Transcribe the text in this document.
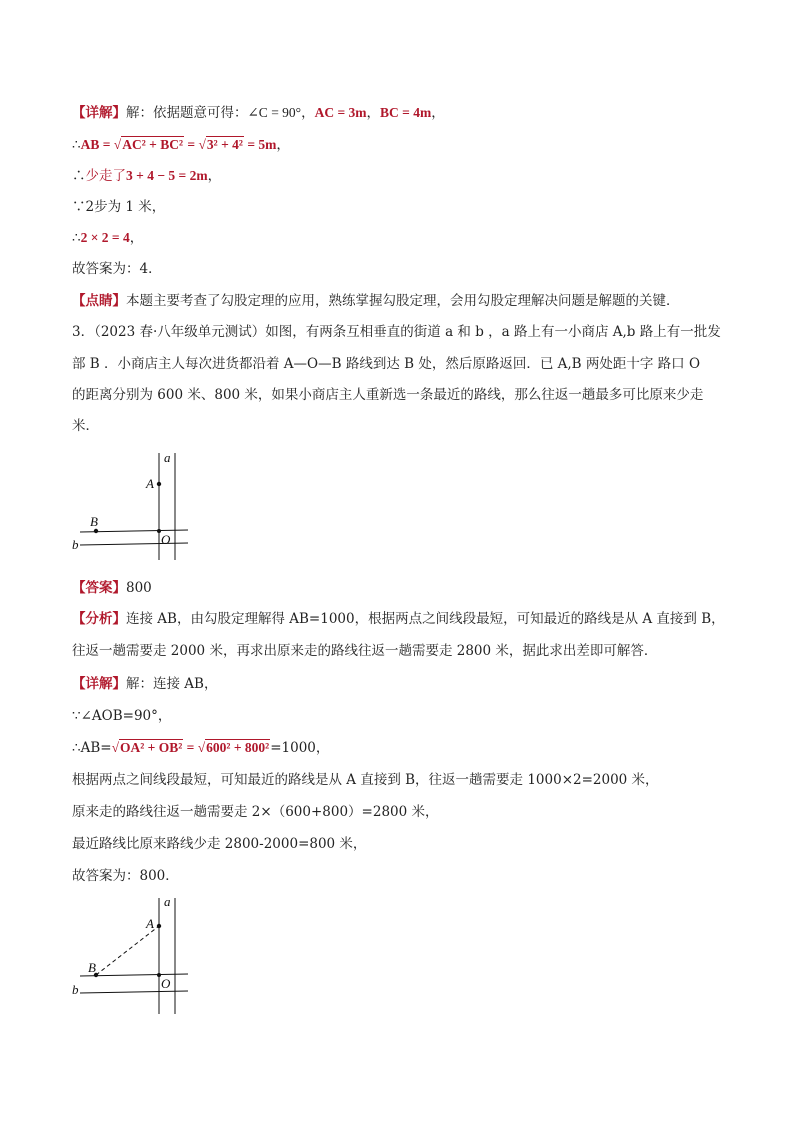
【详解】解：依据题意可得：∠C = 90°，AC = 3m，BC = 4m，
∴AB = √AC² + BC² = √3² + 4² = 5m，
∴少走了3 + 4 − 5 = 2m，
∵2步为 1 米，
∴2 × 2 = 4，
故答案为：4．
【点睛】本题主要考查了勾股定理的应用，熟练掌握勾股定理，会用勾股定理解决问题是解题的关键．
3．（2023 春·八年级单元测试）如图，有两条互相垂直的街道 a 和 b ，a 路上有一小商店 A,b 路上有一批发
部 B ．小商店主人每次进货都沿着 A—O—B 路线到达 B 处，然后原路返回．已 A,B 两处距十字 路口 O
的距离分别为 600 米、800 米，如果小商店主人重新选一条最近的路线，那么往返一趟最多可比原来少走
米．
a
A
B
O
b
【答案】800
【分析】连接 AB，由勾股定理解得 AB=1000，根据两点之间线段最短，可知最近的路线是从 A 直接到 B，
往返一趟需要走 2000 米，再求出原来走的路线往返一趟需要走 2800 米，据此求出差即可解答．
【详解】解：连接 AB，
∵∠AOB=90°，
∴AB=√OA² + OB² = √600² + 800²=1000，
根据两点之间线段最短，可知最近的路线是从 A 直接到 B，往返一趟需要走 1000×2=2000 米，
原来走的路线往返一趟需要走 2×（600+800）=2800 米，
最近路线比原来路线少走 2800-2000=800 米，
故答案为：800．
a
A
B
O
b
